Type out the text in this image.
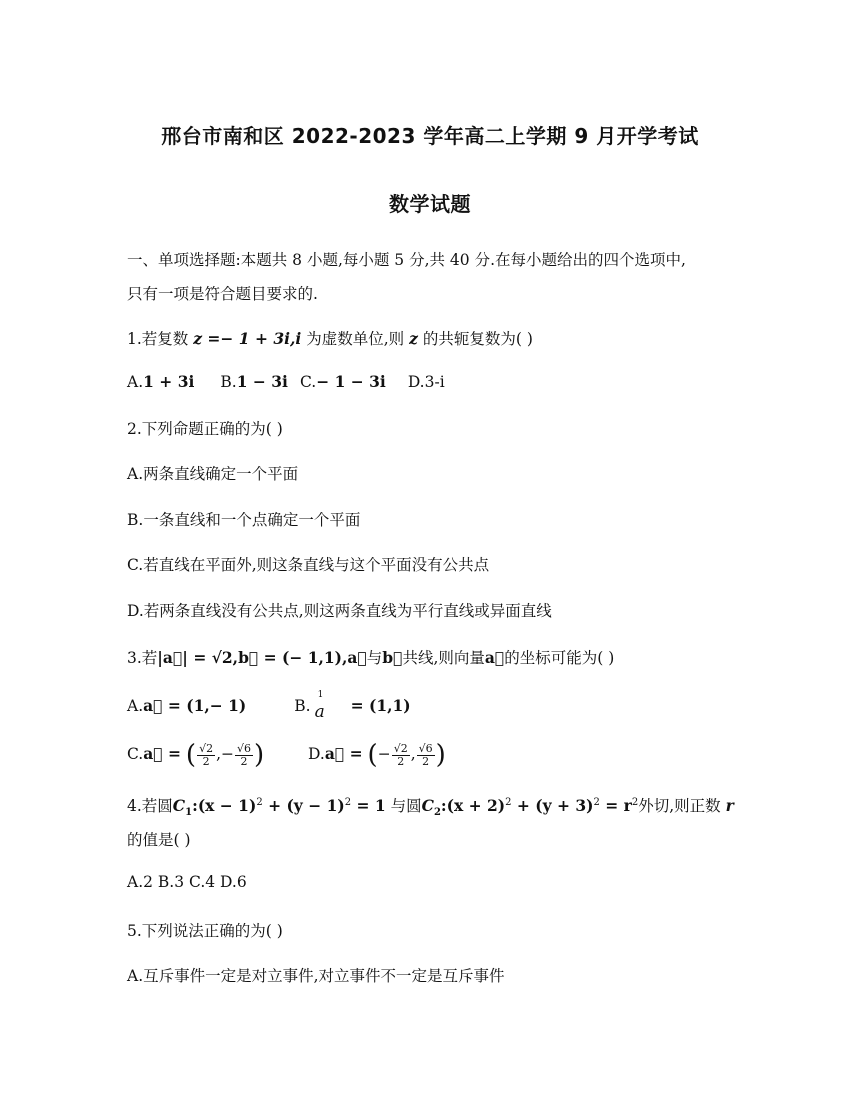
邢台市南和区 2022-2023 学年高二上学期 9 月开学考试
数学试题
一、单项选择题:本题共 8 小题,每小题 5 分,共 40 分.在每小题给出的四个选项中,
只有一项是符合题目要求的.
1.若复数 z =− 1 + 3i,i 为虚数单位,则 z 的共轭复数为( )
A.1 + 3i B.1 − 3i C.− 1 − 3i D.3-i
2.下列命题正确的为( )
A.两条直线确定一个平面
B.一条直线和一个点确定一个平面
C.若直线在平面外,则这条直线与这个平面没有公共点
D.若两条直线没有公共点,则这两条直线为平行直线或异面直线
3.若|a⃗| = √2,b⃗ = (− 1,1),a⃗与b⃗共线,则向量a⃗的坐标可能为( )
A.a⃗ = (1,− 1)	B.
1
a = (1,1)
C.a⃗ = ( $\frac{√2}{2}$ ,− $\frac{√6}{2}$ )	D.a⃗ = (− $\frac{√2}{2}$ , $\frac{√6}{2}$ )
4.若圆$C_1:(x - 1)^2 + (y - 1)^2 = 1$ 与圆$C_2:(x + 2)^2 + (y + 3)^2 = r^2$外切,则正数 r
的值是( )
A.2 B.3 C.4 D.6
5.下列说法正确的为( )
A.互斥事件一定是对立事件,对立事件不一定是互斥事件
